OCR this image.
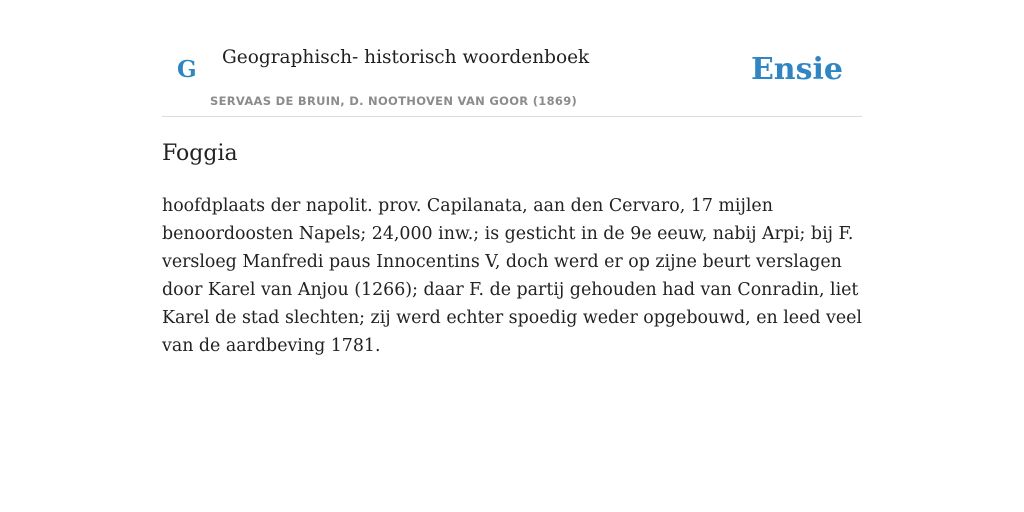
G Geographisch- historisch woordenboek
SERVAAS DE BRUIN, D. NOOTHOVEN VAN GOOR (1869)
Ensie
Foggia

hoofdplaats der napolit. prov. Capilanata, aan den Cervaro, 17 mijlen benoordoosten Napels; 24,000 inw.; is gesticht in de 9e eeuw, nabij Arpi; bij F. versloeg Manfredi paus Innocentins V, doch werd er op zijne beurt verslagen door Karel van Anjou (1266); daar F. de partij gehouden had van Conradin, liet Karel de stad slechten; zij werd echter spoedig weder opgebouwd, en leed veel van de aardbeving 1781.
